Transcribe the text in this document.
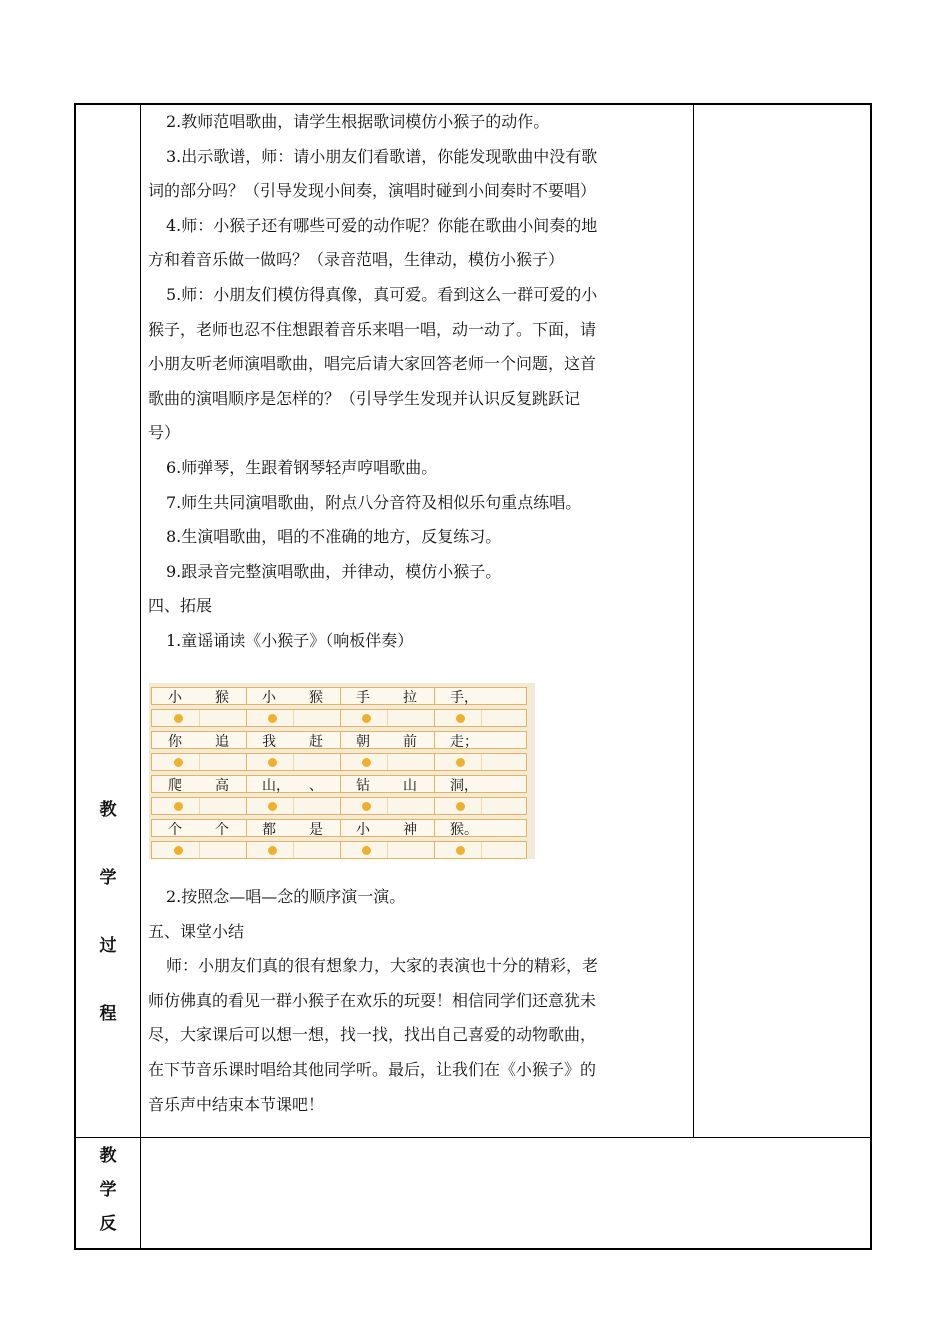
教
学
过
程
教
学
反

2.教师范唱歌曲，请学生根据歌词模仿小猴子的动作。

3.出示歌谱，师：请小朋友们看歌谱，你能发现歌曲中没有歌

词的部分吗？（引导发现小间奏，演唱时碰到小间奏时不要唱）

4.师：小猴子还有哪些可爱的动作呢？你能在歌曲小间奏的地

方和着音乐做一做吗？（录音范唱，生律动，模仿小猴子）

5.师：小朋友们模仿得真像，真可爱。看到这么一群可爱的小

猴子，老师也忍不住想跟着音乐来唱一唱，动一动了。下面，请

小朋友听老师演唱歌曲，唱完后请大家回答老师一个问题，这首

歌曲的演唱顺序是怎样的？（引导学生发现并认识反复跳跃记

号）

6.师弹琴，生跟着钢琴轻声哼唱歌曲。

7.师生共同演唱歌曲，附点八分音符及相似乐句重点练唱。

8.生演唱歌曲，唱的不准确的地方，反复练习。

9.跟录音完整演唱歌曲，并律动，模仿小猴子。

四、拓展

1.童谣诵读《小猴子》（响板伴奏）

小 猴 小 猴 手 拉 手，
你 追 我 赶 朝 前 走；
爬 高 山， 、 钻 山 洞，
个 个 都 是 小 神 猴。

2.按照念—唱—念的顺序演一演。

五、课堂小结

师：小朋友们真的很有想象力，大家的表演也十分的精彩，老

师仿佛真的看见一群小猴子在欢乐的玩耍！相信同学们还意犹未

尽，大家课后可以想一想，找一找，找出自己喜爱的动物歌曲，

在下节音乐课时唱给其他同学听。最后，让我们在《小猴子》的

音乐声中结束本节课吧！
